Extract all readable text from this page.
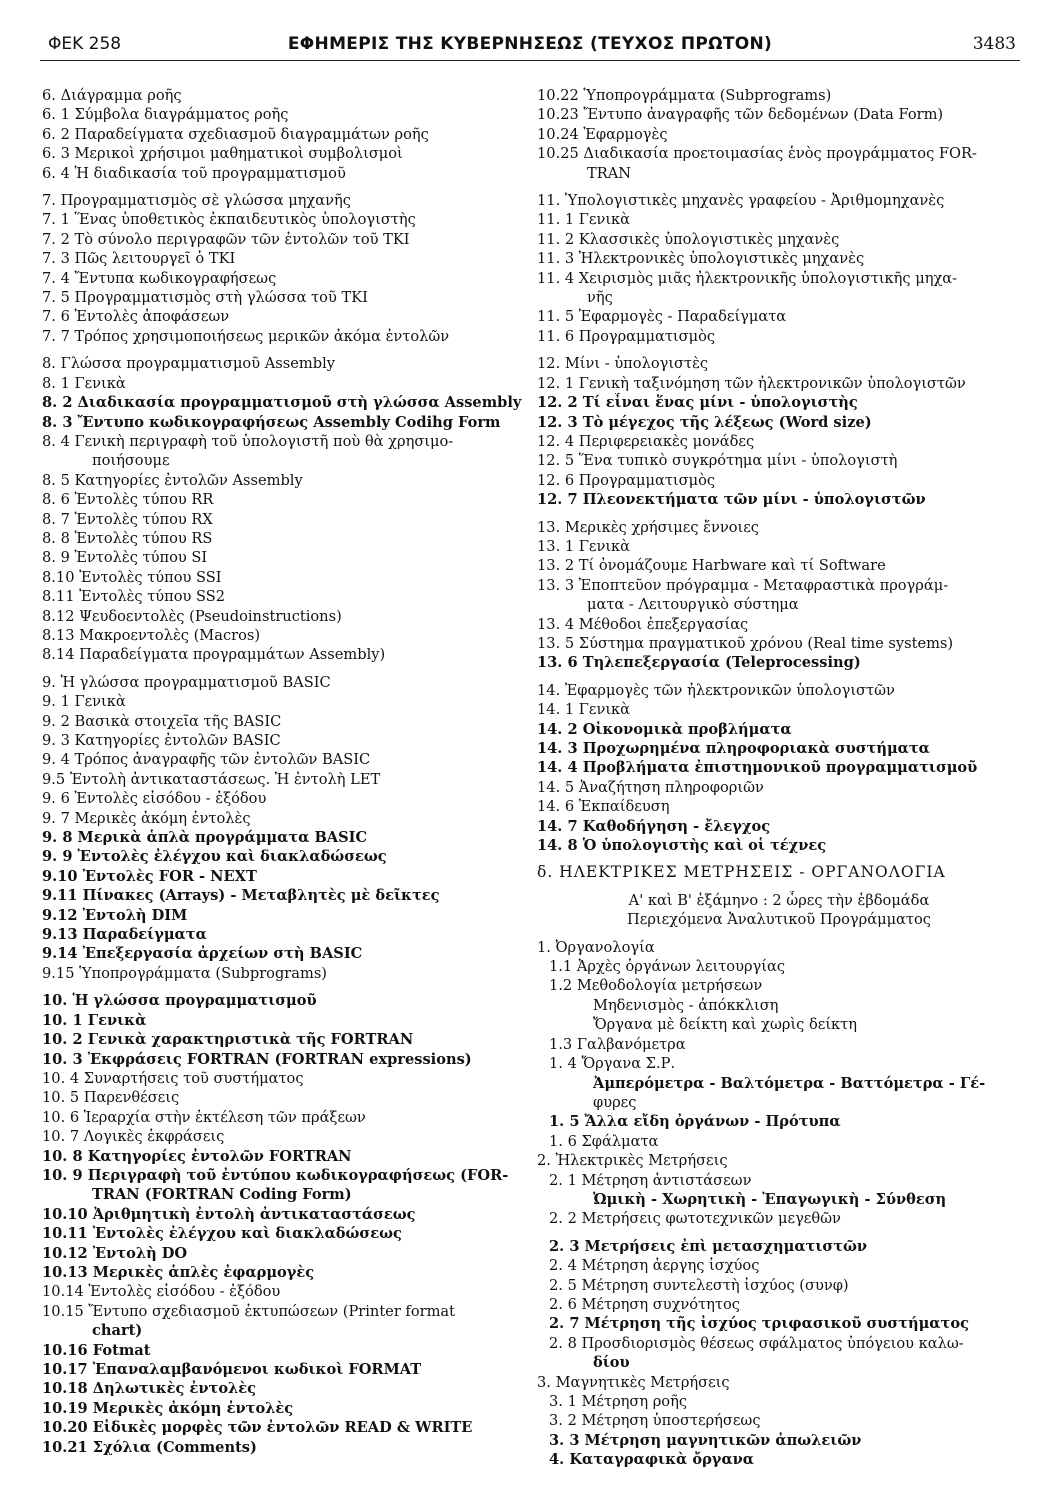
ΦΕΚ 258	ΕΦΗΜΕΡΙΣ ΤΗΣ ΚΥΒΕΡΝΗΣΕΩΣ (ΤΕΥΧΟΣ ΠΡΩΤΟΝ)	3483
6. Διάγραμμα ροῆς
6. 1 Σύμβολα διαγράμματος ροῆς
6. 2 Παραδείγματα σχεδιασμοῦ διαγραμμάτων ροῆς
6. 3 Μερικοὶ χρήσιμοι μαθηματικοὶ συμβολισμοὶ
6. 4 Ἡ διαδικασία τοῦ προγραμματισμοῦ
7. Προγραμματισμὸς σὲ γλώσσα μηχανῆς
7. 1 Ἕνας ὑποθετικὸς ἐκπαιδευτικὸς ὑπολογιστὴς
7. 2 Τὸ σύνολο περιγραφῶν τῶν ἐντολῶν τοῦ ΤΚΙ
7. 3 Πῶς λειτουργεῖ ὁ ΤΚΙ
7. 4 Ἔντυπα κωδικογραφήσεως
7. 5 Προγραμματισμὸς στὴ γλώσσα τοῦ ΤΚΙ
7. 6 Ἐντολὲς ἀποφάσεων
7. 7 Τρόπος χρησιμοποιήσεως μερικῶν ἀκόμα ἐντολῶν
8. Γλώσσα προγραμματισμοῦ Assembly
8. 1 Γενικὰ
8. 2 Διαδικασία προγραμματισμοῦ στὴ γλώσσα Assembly
8. 3 Ἔντυπο κωδικογραφήσεως Assembly Codihg Form
8. 4 Γενικὴ περιγραφὴ τοῦ ὑπολογιστῆ ποὺ θὰ χρησιμο-
ποιήσουμε
8. 5 Κατηγορίες ἐντολῶν Assembly
8. 6 Ἐντολὲς τύπου RR
8. 7 Ἐντολὲς τύπου RX
8. 8 Ἐντολὲς τύπου RS
8. 9 Ἐντολὲς τύπου SI
8.10 Ἐντολὲς τύπου SSI
8.11 Ἐντολὲς τύπου SS2
8.12 Ψευδοεντολὲς (Pseudoinstructions)
8.13 Μακροεντολὲς (Macros)
8.14 Παραδείγματα προγραμμάτων Assembly)
9. Ἡ γλώσσα προγραμματισμοῦ BASIC
9. 1 Γενικὰ
9. 2 Βασικὰ στοιχεῖα τῆς BASIC
9. 3 Κατηγορίες ἐντολῶν BASIC
9. 4 Τρόπος ἀναγραφῆς τῶν ἐντολῶν BASIC
9.5 Ἐντολὴ ἀντικαταστάσεως. Ἡ ἐντολὴ LET
9. 6 Ἐντολὲς εἰσόδου - ἐξόδου
9. 7 Μερικὲς ἀκόμη ἐντολὲς
9. 8 Μερικὰ ἁπλὰ προγράμματα BASIC
9. 9 Ἐντολὲς ἐλέγχου καὶ διακλαδώσεως
9.10 Ἐντολὲς FOR - NEXT
9.11 Πίνακες (Arrays) - Μεταβλητὲς μὲ δεῖκτες
9.12 Ἐντολὴ DIM
9.13 Παραδείγματα
9.14 Ἐπεξεργασία ἀρχείων στὴ BASIC
9.15 Ὑποπρογράμματα (Subprograms)
10. Ἡ γλώσσα προγραμματισμοῦ
10. 1 Γενικὰ
10. 2 Γενικὰ χαρακτηριστικὰ τῆς FORTRAN
10. 3 Ἐκφράσεις FORTRAN (FORTRAN expressions)
10. 4 Συναρτήσεις τοῦ συστήματος
10. 5 Παρενθέσεις
10. 6 Ἱεραρχία στὴν ἐκτέλεση τῶν πράξεων
10. 7 Λογικὲς ἐκφράσεις
10. 8 Κατηγορίες ἐντολῶν FORTRAN
10. 9 Περιγραφὴ τοῦ ἐντύπου κωδικογραφήσεως (FOR-
TRAN (FORTRAN Coding Form)
10.10 Ἀριθμητικὴ ἐντολὴ ἀντικαταστάσεως
10.11 Ἐντολὲς ἐλέγχου καὶ διακλαδώσεως
10.12 Ἐντολὴ DO
10.13 Μερικὲς ἁπλὲς ἐφαρμογὲς
10.14 Ἐντολὲς εἰσόδου - ἐξόδου
10.15 Ἔντυπο σχεδιασμοῦ ἐκτυπώσεων (Printer format
chart)
10.16 Fotmat
10.17 Ἐπαναλαμβανόμενοι κωδικοὶ FORMAT
10.18 Δηλωτικὲς ἐντολὲς
10.19 Μερικὲς ἀκόμη ἐντολὲς
10.20 Εἰδικὲς μορφὲς τῶν ἐντολῶν READ & WRITE
10.21 Σχόλια (Comments)
10.22 Ὑποπρογράμματα (Subprograms)
10.23 Ἔντυπο ἀναγραφῆς τῶν δεδομένων (Data Form)
10.24 Ἐφαρμογὲς
10.25 Διαδικασία προετοιμασίας ἑνὸς προγράμματος FOR-
TRAN
11. Ὑπολογιστικὲς μηχανὲς γραφείου - Ἀριθμομηχανὲς
11. 1 Γενικὰ
11. 2 Κλασσικὲς ὑπολογιστικὲς μηχανὲς
11. 3 Ἠλεκτρονικὲς ὑπολογιστικὲς μηχανὲς
11. 4 Χειρισμὸς μιᾶς ἠλεκτρονικῆς ὑπολογιστικῆς μηχα-
νῆς
11. 5 Ἐφαρμογὲς - Παραδείγματα
11. 6 Προγραμματισμὸς
12. Μίνι - ὑπολογιστὲς
12. 1 Γενικὴ ταξινόμηση τῶν ἠλεκτρονικῶν ὑπολογιστῶν
12. 2 Τί εἶναι ἕνας μίνι - ὑπολογιστὴς
12. 3 Τὸ μέγεχος τῆς λέξεως (Word size)
12. 4 Περιφερειακὲς μονάδες
12. 5 Ἕνα τυπικὸ συγκρότημα μίνι - ὑπολογιστὴ
12. 6 Προγραμματισμὸς
12. 7 Πλεονεκτήματα τῶν μίνι - ὑπολογιστῶν
13. Μερικὲς χρήσιμες ἔννοιες
13. 1 Γενικὰ
13. 2 Τί ὀνομάζουμε Harbware καὶ τί Software
13. 3 Ἐποπτεῦον πρόγραμμα - Μεταφραστικὰ προγράμ-
ματα - Λειτουργικὸ σύστημα
13. 4 Μέθοδοι ἐπεξεργασίας
13. 5 Σύστημα πραγματικοῦ χρόνου (Real time systems)
13. 6 Τηλεπεξεργασία (Teleprocessing)
14. Ἐφαρμογὲς τῶν ἠλεκτρονικῶν ὑπολογιστῶν
14. 1 Γενικὰ
14. 2 Οἰκονομικὰ προβλήματα
14. 3 Προχωρημένα πληροφοριακὰ συστήματα
14. 4 Προβλήματα ἐπιστημονικοῦ προγραμματισμοῦ
14. 5 Ἀναζήτηση πληροφοριῶν
14. 6 Ἐκπαίδευση
14. 7 Καθοδήγηση - ἔλεγχος
14. 8 Ὁ ὑπολογιστὴς καὶ οἱ τέχνες
δ. ΗΛΕΚΤΡΙΚΕΣ ΜΕΤΡΗΣΕΙΣ - ΟΡΓΑΝΟΛΟΓΙΑ
Α' καὶ Β' ἑξάμηνο : 2 ὧρες τὴν ἑβδομάδα
Περιεχόμενα Ἀναλυτικοῦ Προγράμματος
1. Ὀργανολογία
1.1 Ἀρχὲς ὀργάνων λειτουργίας
1.2 Μεθοδολογία μετρήσεων
Μηδενισμὸς - ἀπόκκλιση
Ὄργανα μὲ δείκτη καὶ χωρὶς δείκτη
1.3 Γαλβανόμετρα
1. 4 Ὄργανα Σ.Ρ.
Ἀμπερόμετρα - Βαλτόμετρα - Βαττόμετρα - Γέ-
φυρες
1. 5 Ἄλλα εἴδη ὀργάνων - Πρότυπα
1. 6 Σφάλματα
2. Ἠλεκτρικὲς Μετρήσεις
2. 1 Μέτρηση ἀντιστάσεων
Ὠμικὴ - Χωρητικὴ - Ἐπαγωγικὴ - Σύνθεση
2. 2 Μετρήσεις φωτοτεχνικῶν μεγεθῶν
2. 3 Μετρήσεις ἐπὶ μετασχηματιστῶν
2. 4 Μέτρηση ἀεργης ἰσχύος
2. 5 Μέτρηση συντελεστὴ ἰσχύος (συνφ)
2. 6 Μέτρηση συχνότητος
2. 7 Μέτρηση τῆς ἰσχύος τριφασικοῦ συστήματος
2. 8 Προσδιορισμὸς θέσεως σφάλματος ὑπόγειου καλω-
δίου
3. Μαγνητικὲς Μετρήσεις
3. 1 Μέτρηση ροῆς
3. 2 Μέτρηση ὑποστερήσεως
3. 3 Μέτρηση μαγνητικῶν ἀπωλειῶν
4. Καταγραφικὰ ὄργανα
